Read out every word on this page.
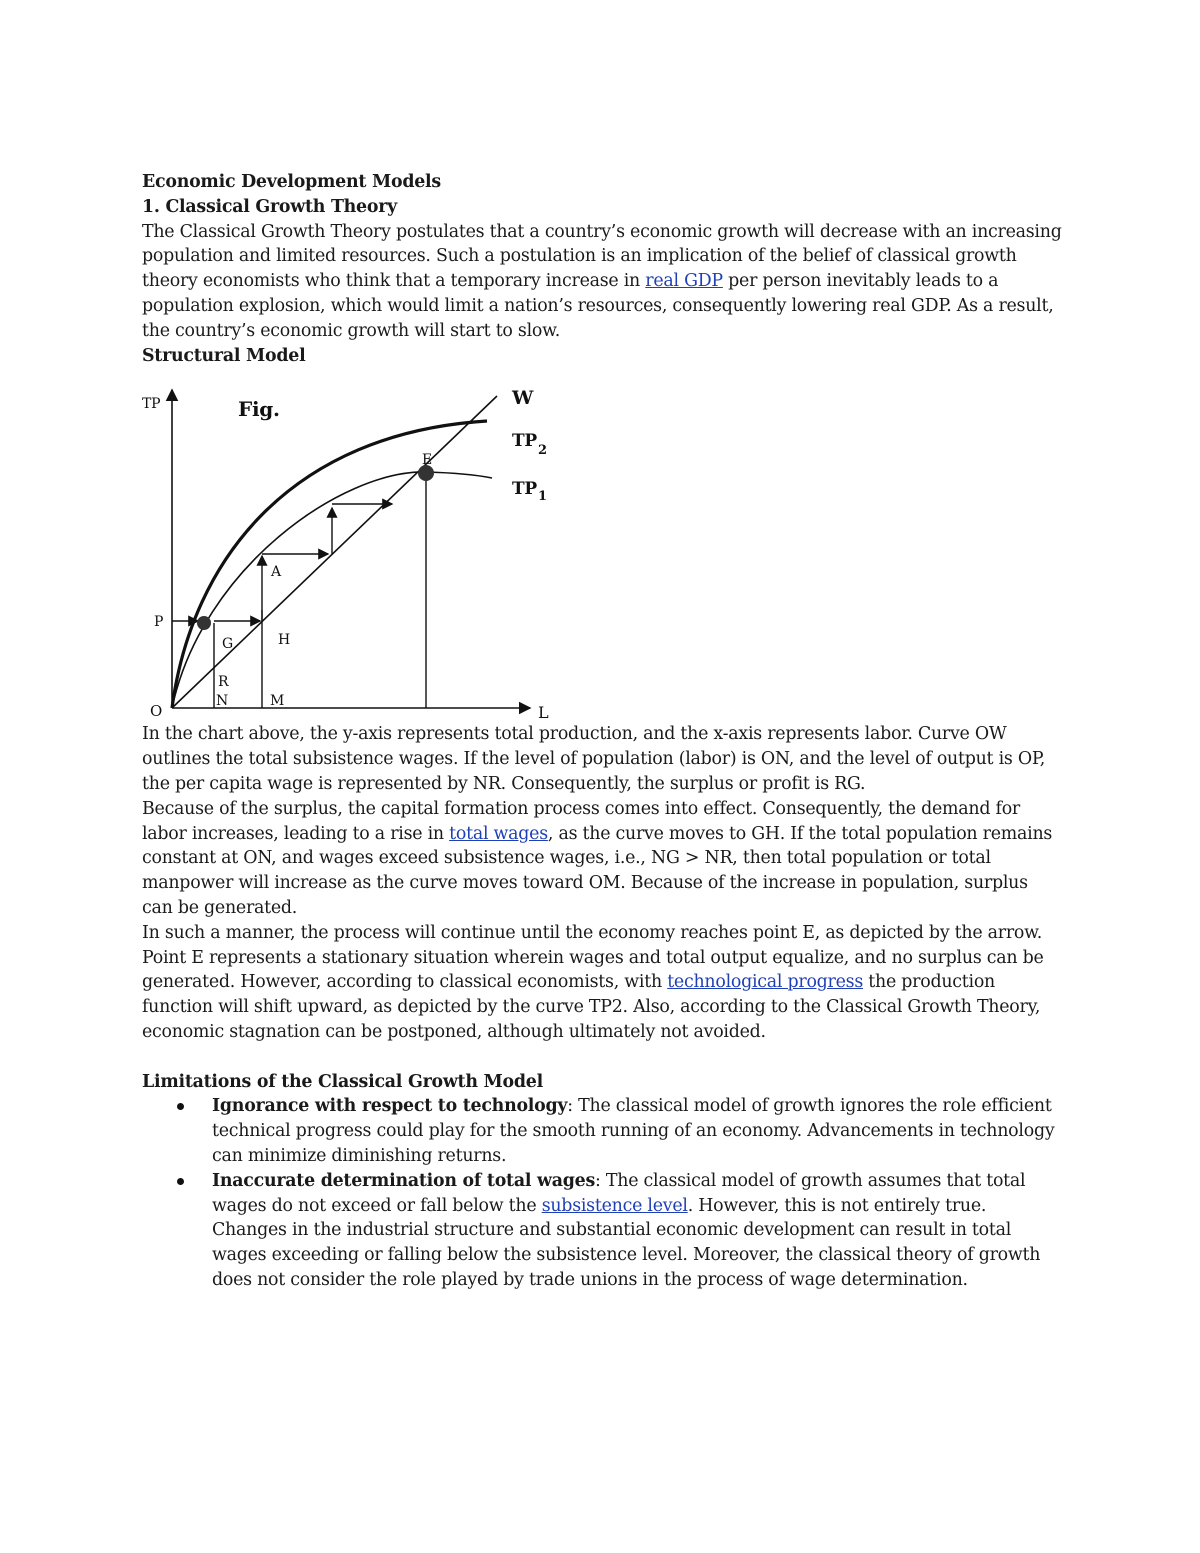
Economic Development Models

1. Classical Growth Theory

The Classical Growth Theory postulates that a country’s economic growth will decrease with an increasing population and limited resources. Such a postulation is an implication of the belief of classical growth theory economists who think that a temporary increase in real GDP per person inevitably leads to a population explosion, which would limit a nation’s resources, consequently lowering real GDP. As a result, the country’s economic growth will start to slow.

Structural Model

TP	Fig.	W
TP 2
TP 1
E
A
P
G	H
R
N	M
O	L

In the chart above, the y-axis represents total production, and the x-axis represents labor. Curve OW outlines the total subsistence wages. If the level of population (labor) is ON, and the level of output is OP, the per capita wage is represented by NR. Consequently, the surplus or profit is RG.

Because of the surplus, the capital formation process comes into effect. Consequently, the demand for labor increases, leading to a rise in total wages, as the curve moves to GH. If the total population remains constant at ON, and wages exceed subsistence wages, i.e., NG > NR, then total population or total manpower will increase as the curve moves toward OM. Because of the increase in population, surplus can be generated.

In such a manner, the process will continue until the economy reaches point E, as depicted by the arrow. Point E represents a stationary situation wherein wages and total output equalize, and no surplus can be generated. However, according to classical economists, with technological progress the production function will shift upward, as depicted by the curve TP2. Also, according to the Classical Growth Theory, economic stagnation can be postponed, although ultimately not avoided.

Limitations of the Classical Growth Model

Ignorance with respect to technology: The classical model of growth ignores the role efficient technical progress could play for the smooth running of an economy. Advancements in technology can minimize diminishing returns.
Inaccurate determination of total wages: The classical model of growth assumes that total wages do not exceed or fall below the subsistence level. However, this is not entirely true. Changes in the industrial structure and substantial economic development can result in total wages exceeding or falling below the subsistence level. Moreover, the classical theory of growth does not consider the role played by trade unions in the process of wage determination.
